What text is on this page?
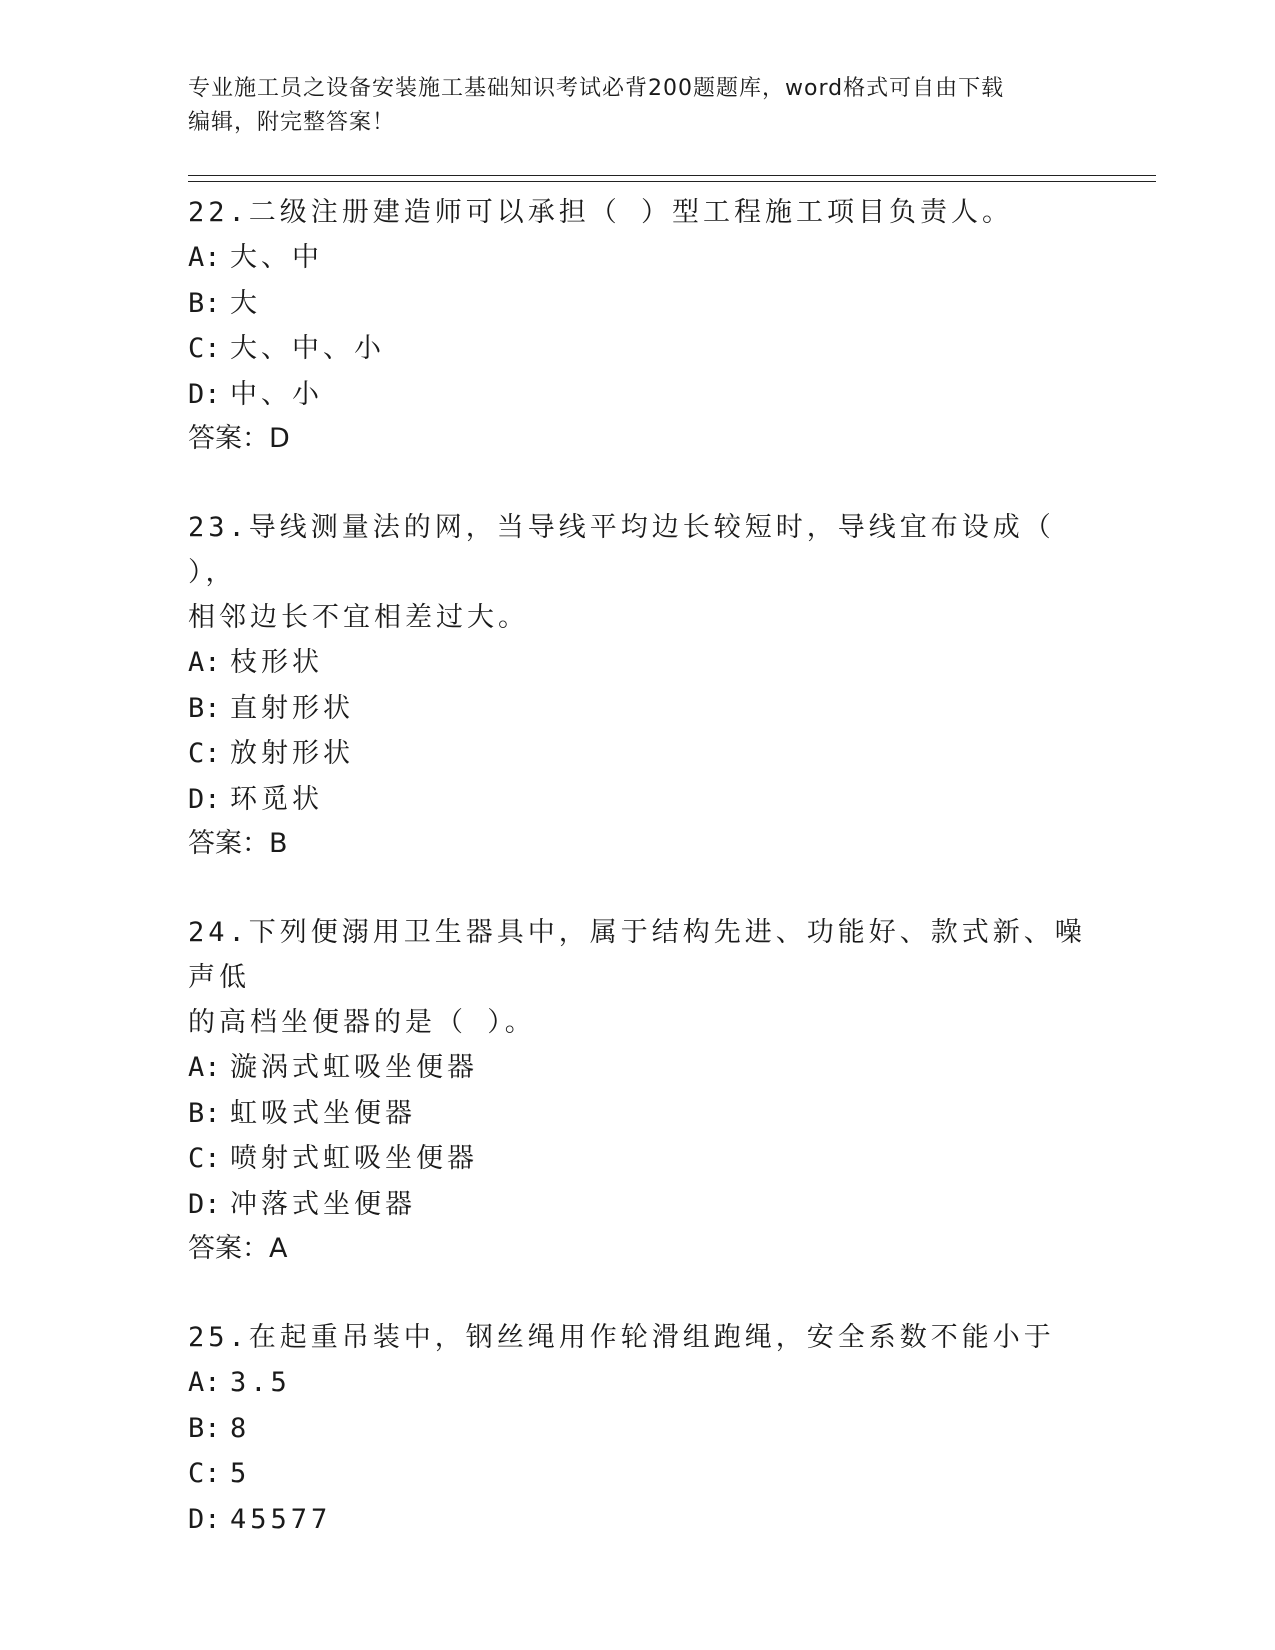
专业施工员之设备安装施工基础知识考试必背200题题库，word格式可自由下载
编辑，附完整答案！

22.二级注册建造师可以承担（ ）型工程施工项目负责人。

A: 大、中

B: 大

C: 大、中、小

D: 中、小

答案：D

23.导线测量法的网，当导线平均边长较短时，导线宜布设成（ ），

相邻边长不宜相差过大。

A: 枝形状

B: 直射形状

C: 放射形状

D: 环觅状

答案：B

24.下列便溺用卫生器具中，属于结构先进、功能好、款式新、噪声低

的高档坐便器的是（ ）。

A: 漩涡式虹吸坐便器

B: 虹吸式坐便器

C: 喷射式虹吸坐便器

D: 冲落式坐便器

答案：A

25.在起重吊装中，钢丝绳用作轮滑组跑绳，安全系数不能小于

A: 3.5

B: 8

C: 5

D: 45577
